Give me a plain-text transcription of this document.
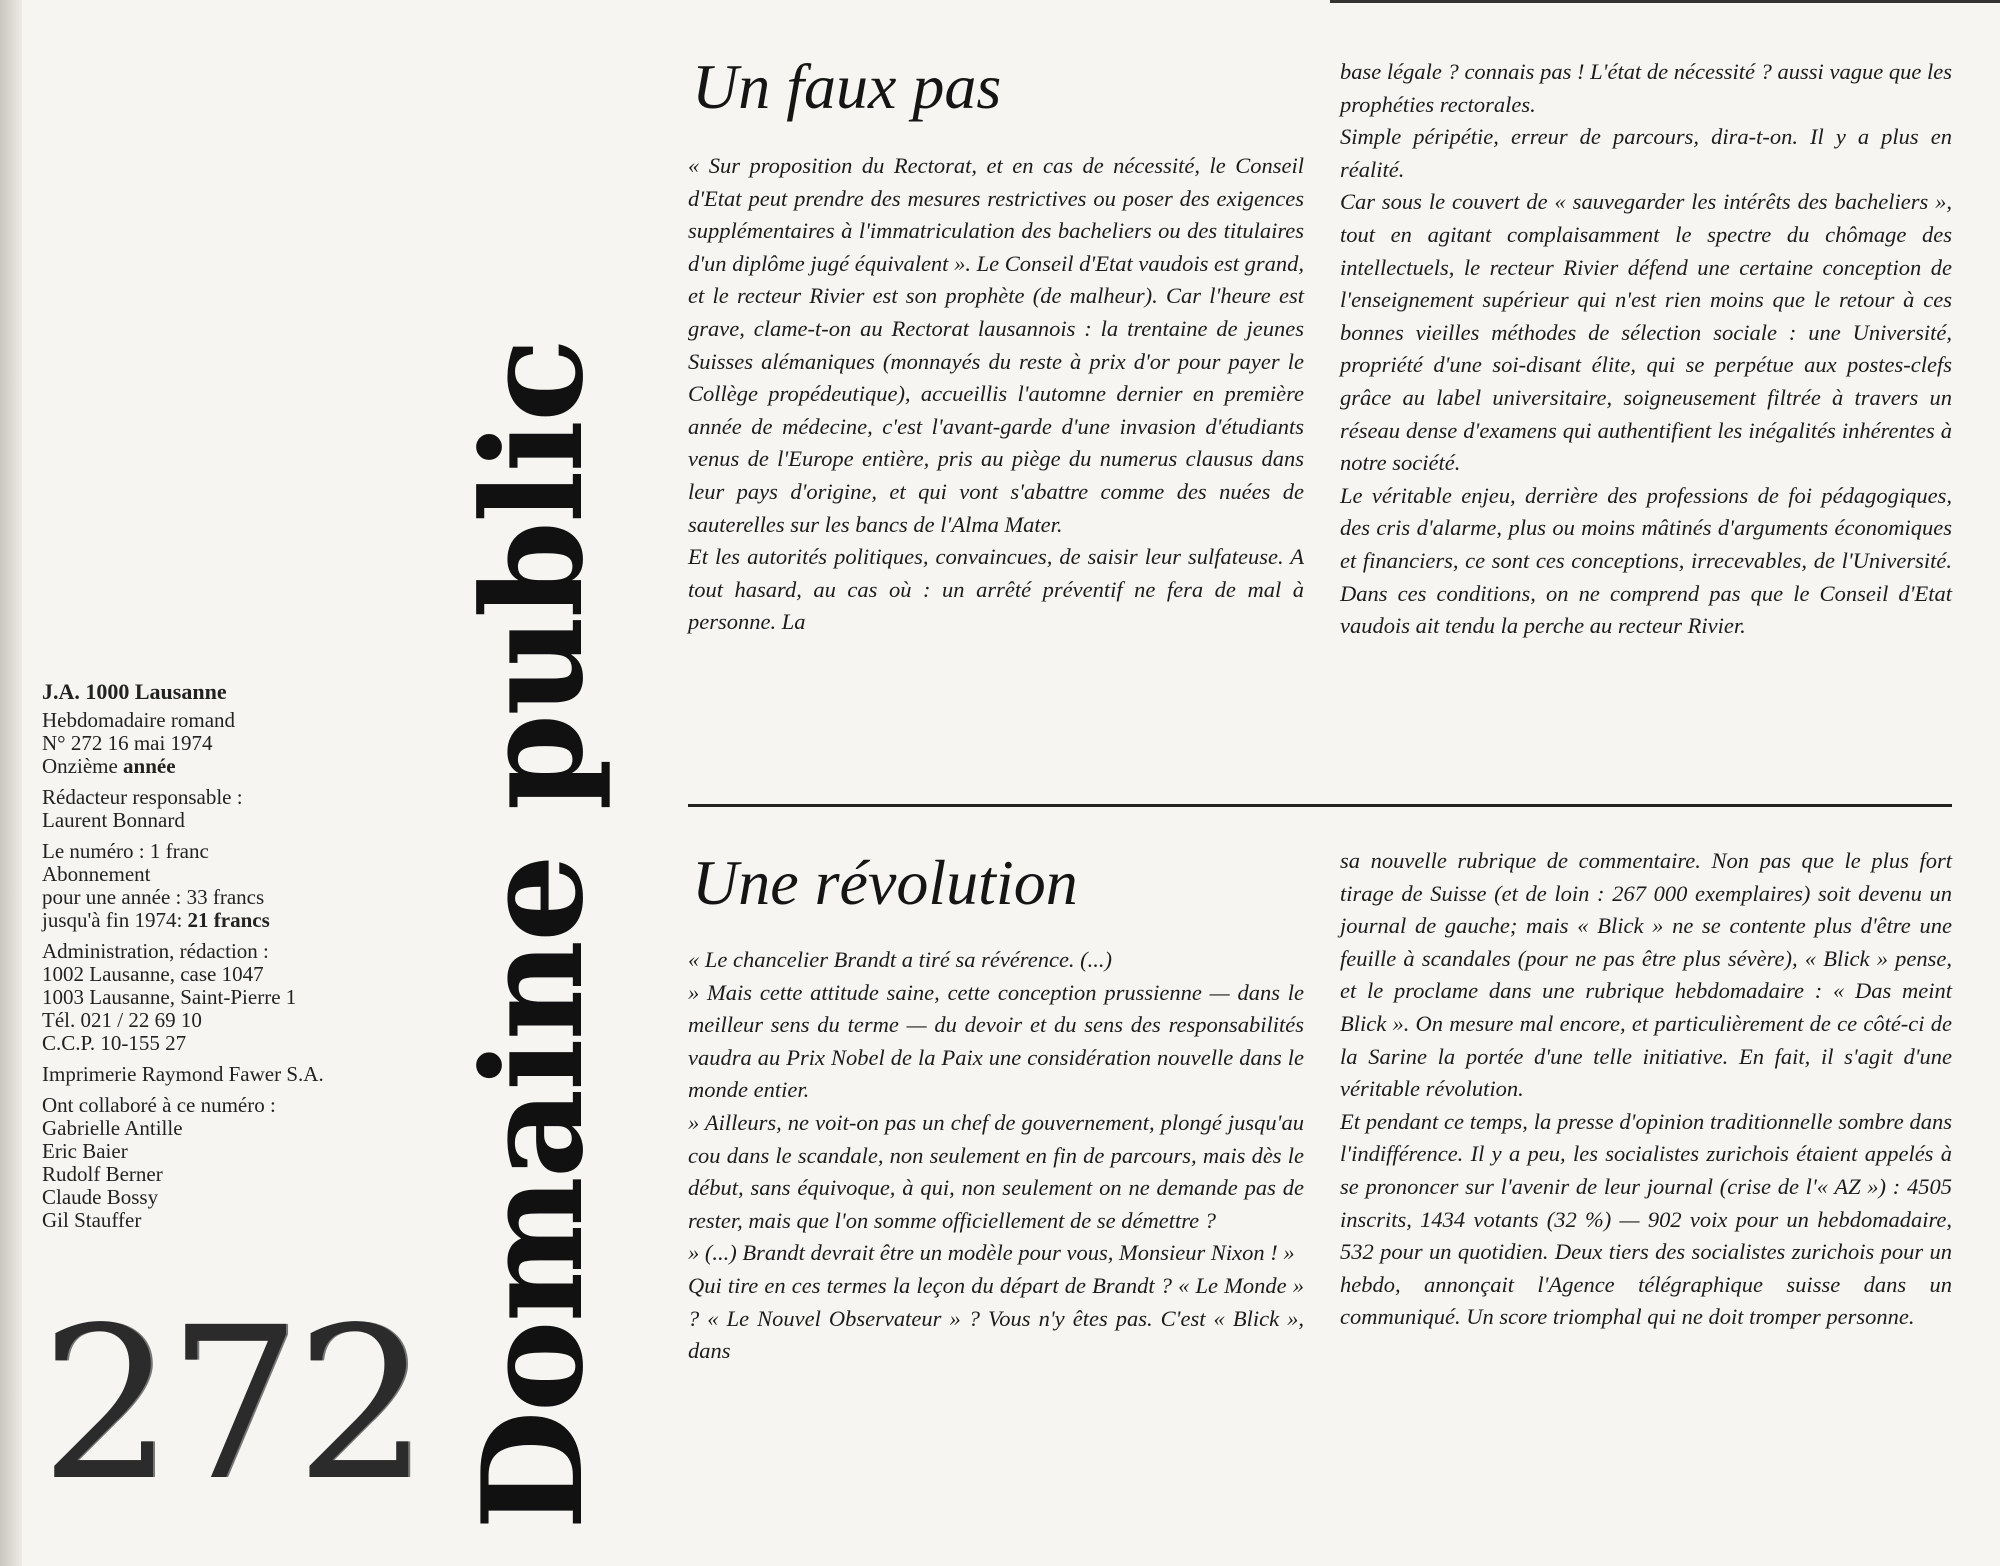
J.A. 1000 Lausanne
Hebdomadaire romand
N° 272 16 mai 1974
Onzième année
Rédacteur responsable :
Laurent Bonnard
Le numéro : 1 franc
Abonnement
pour une année : 33 francs
jusqu'à fin 1974: 21 francs
Administration, rédaction :
1002 Lausanne, case 1047
1003 Lausanne, Saint-Pierre 1
Tél. 021 / 22 69 10
C.C.P. 10-155 27
Imprimerie Raymond Fawer S.A.
Ont collaboré à ce numéro :
Gabrielle Antille
Eric Baier
Rudolf Berner
Claude Bossy
Gil Stauffer
272 Domaine public
Un faux pas

« Sur proposition du Rectorat, et en cas de nécessité, le Conseil d'Etat peut prendre des mesures restrictives ou poser des exigences supplémentaires à l'immatriculation des bacheliers ou des titulaires d'un diplôme jugé équivalent ». Le Conseil d'Etat vaudois est grand, et le recteur Rivier est son prophète (de malheur). Car l'heure est grave, clame-t-on au Rectorat lausannois : la trentaine de jeunes Suisses alémaniques (monnayés du reste à prix d'or pour payer le Collège propédeutique), accueillis l'automne dernier en première année de médecine, c'est l'avant-garde d'une invasion d'étudiants venus de l'Europe entière, pris au piège du numerus clausus dans leur pays d'origine, et qui vont s'abattre comme des nuées de sauterelles sur les bancs de l'Alma Mater.

Et les autorités politiques, convaincues, de saisir leur sulfateuse. A tout hasard, au cas où : un arrêté préventif ne fera de mal à personne. La

base légale ? connais pas ! L'état de nécessité ? aussi vague que les prophéties rectorales.

Simple péripétie, erreur de parcours, dira-t-on. Il y a plus en réalité.

Car sous le couvert de « sauvegarder les intérêts des bacheliers », tout en agitant complaisamment le spectre du chômage des intellectuels, le recteur Rivier défend une certaine conception de l'enseignement supérieur qui n'est rien moins que le retour à ces bonnes vieilles méthodes de sélection sociale : une Université, propriété d'une soi-disant élite, qui se perpétue aux postes-clefs grâce au label universitaire, soigneusement filtrée à travers un réseau dense d'examens qui authentifient les inégalités inhérentes à notre société.

Le véritable enjeu, derrière des professions de foi pédagogiques, des cris d'alarme, plus ou moins mâtinés d'arguments économiques et financiers, ce sont ces conceptions, irrecevables, de l'Université. Dans ces conditions, on ne comprend pas que le Conseil d'Etat vaudois ait tendu la perche au recteur Rivier.

Une révolution

« Le chancelier Brandt a tiré sa révérence. (...)

» Mais cette attitude saine, cette conception prussienne — dans le meilleur sens du terme — du devoir et du sens des responsabilités vaudra au Prix Nobel de la Paix une considération nouvelle dans le monde entier.

» Ailleurs, ne voit-on pas un chef de gouvernement, plongé jusqu'au cou dans le scandale, non seulement en fin de parcours, mais dès le début, sans équivoque, à qui, non seulement on ne demande pas de rester, mais que l'on somme officiellement de se démettre ?

» (...) Brandt devrait être un modèle pour vous, Monsieur Nixon ! »

Qui tire en ces termes la leçon du départ de Brandt ? « Le Monde » ? « Le Nouvel Observateur » ? Vous n'y êtes pas. C'est « Blick », dans

sa nouvelle rubrique de commentaire. Non pas que le plus fort tirage de Suisse (et de loin : 267 000 exemplaires) soit devenu un journal de gauche; mais « Blick » ne se contente plus d'être une feuille à scandales (pour ne pas être plus sévère), « Blick » pense, et le proclame dans une rubrique hebdomadaire : « Das meint Blick ». On mesure mal encore, et particulièrement de ce côté-ci de la Sarine la portée d'une telle initiative. En fait, il s'agit d'une véritable révolution.

Et pendant ce temps, la presse d'opinion traditionnelle sombre dans l'indifférence. Il y a peu, les socialistes zurichois étaient appelés à se prononcer sur l'avenir de leur journal (crise de l'« AZ ») : 4505 inscrits, 1434 votants (32 %) — 902 voix pour un hebdomadaire, 532 pour un quotidien. Deux tiers des socialistes zurichois pour un hebdo, annonçait l'Agence télégraphique suisse dans un communiqué. Un score triomphal qui ne doit tromper personne.
